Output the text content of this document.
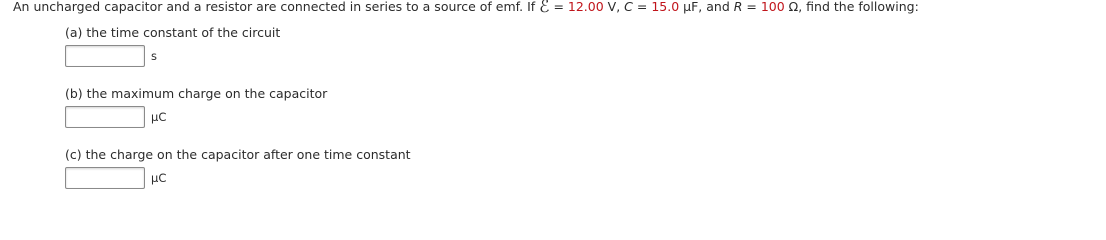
An uncharged capacitor and a resistor are connected in series to a source of emf. If ℰ = 12.00 V, C = 15.0 μF, and R = 100 Ω, find the following:
(a) the time constant of the circuit
s
(b) the maximum charge on the capacitor
μC
(c) the charge on the capacitor after one time constant
μC
